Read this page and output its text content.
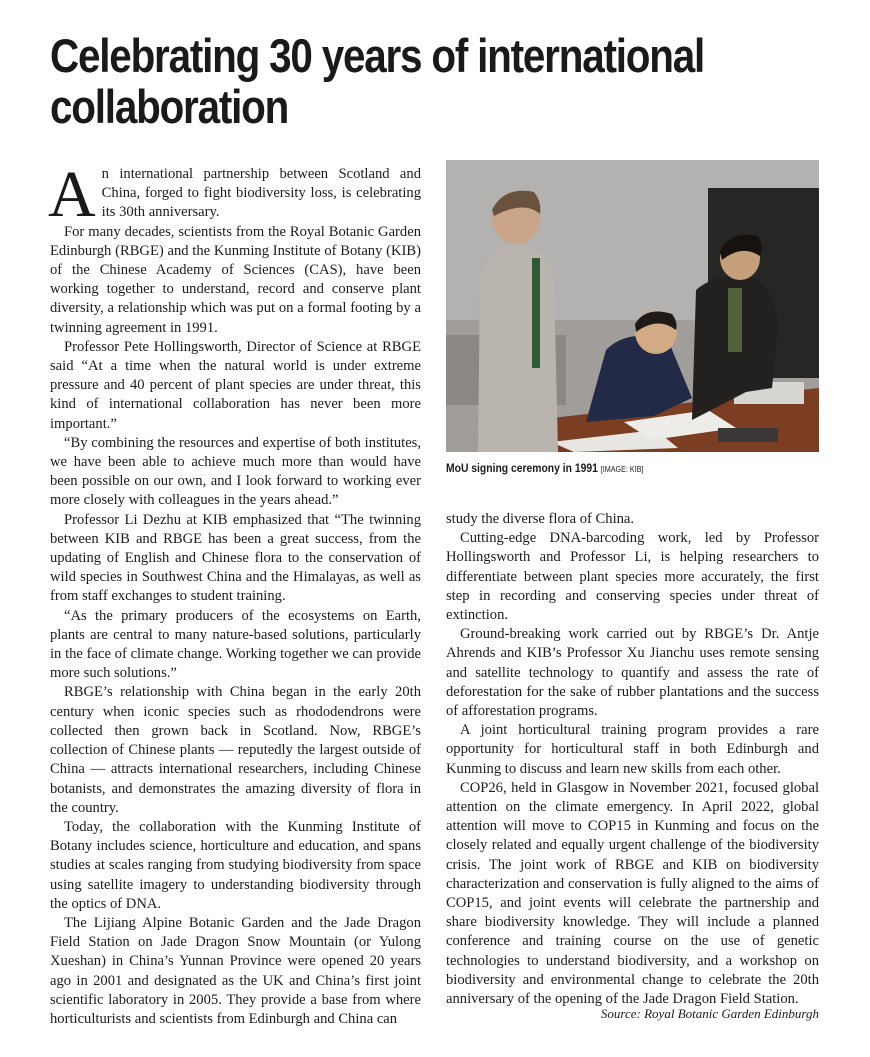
Celebrating 30 years of international collaboration

An international partnership between Scotland and China, forged to fight biodiversity loss, is celebrating its 30th anniversary.

For many decades, scientists from the Royal Botanic Garden Edinburgh (RBGE) and the Kunming Institute of Botany (KIB) of the Chinese Academy of Sciences (CAS), have been working together to understand, record and conserve plant diversity, a relationship which was put on a formal footing by a twinning agreement in 1991.

Professor Pete Hollingsworth, Director of Science at RBGE said “At a time when the natural world is under extreme pressure and 40 percent of plant species are under threat, this kind of international collaboration has never been more important.”

“By combining the resources and expertise of both institutes, we have been able to achieve much more than would have been possible on our own, and I look forward to working ever more closely with colleagues in the years ahead.”

Professor Li Dezhu at KIB emphasized that “The twinning between KIB and RBGE has been a great success, from the updating of English and Chinese flora to the conservation of wild species in Southwest China and the Himalayas, as well as from staff exchanges to student training.

“As the primary producers of the ecosystems on Earth, plants are central to many nature-based solutions, particularly in the face of climate change. Working together we can provide more such solutions.”

RBGE’s relationship with China began in the early 20th century when iconic species such as rhododendrons were collected then grown back in Scotland. Now, RBGE’s collection of Chinese plants — reputedly the largest outside of China — attracts international researchers, including Chinese botanists, and demonstrates the amazing diversity of flora in the country.

Today, the collaboration with the Kunming Institute of Botany includes science, horticulture and education, and spans studies at scales ranging from studying biodiversity from space using satellite imagery to understanding biodiversity through the optics of DNA.

The Lijiang Alpine Botanic Garden and the Jade Dragon Field Station on Jade Dragon Snow Mountain (or Yulong Xueshan) in China’s Yunnan Province were opened 20 years ago in 2001 and designated as the UK and China’s first joint scientific laboratory in 2005. They provide a base from where horticulturists and scientists from Edinburgh and China can

MoU signing ceremony in 1991 [IMAGE: KIB]

study the diverse flora of China.

Cutting-edge DNA-barcoding work, led by Professor Hollingsworth and Professor Li, is helping researchers to differentiate between plant species more accurately, the first step in recording and conserving species under threat of extinction.

Ground-breaking work carried out by RBGE’s Dr. Antje Ahrends and KIB’s Professor Xu Jianchu uses remote sensing and satellite technology to quantify and assess the rate of deforestation for the sake of rubber plantations and the success of afforestation programs.

A joint horticultural training program provides a rare opportunity for horticultural staff in both Edinburgh and Kunming to discuss and learn new skills from each other.

COP26, held in Glasgow in November 2021, focused global attention on the climate emergency. In April 2022, global attention will move to COP15 in Kunming and focus on the closely related and equally urgent challenge of the biodiversity crisis. The joint work of RBGE and KIB on biodiversity characterization and conservation is fully aligned to the aims of COP15, and joint events will celebrate the partnership and share biodiversity knowledge. They will include a planned conference and training course on the use of genetic technologies to understand biodiversity, and a workshop on biodiversity and environmental change to celebrate the 20th anniversary of the opening of the Jade Dragon Field Station.

Source: Royal Botanic Garden Edinburgh
